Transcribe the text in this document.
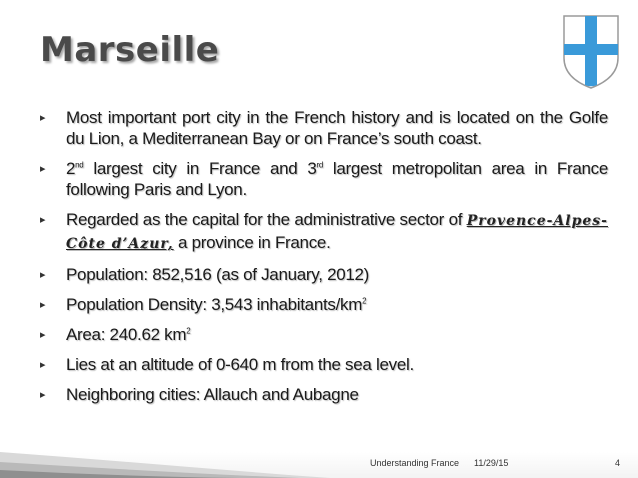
Marseille
▸ Most important port city in the French history and is located on the Golfe du Lion, a Mediterranean Bay or on France’s south coast.
▸ 2nd largest city in France and 3rd largest metropolitan area in France following Paris and Lyon.
▸ Regarded as the capital for the administrative sector of Provence-Alpes-Côte d’Azur, a province in France.
▸ Population: 852,516 (as of January, 2012)
▸ Population Density: 3,543 inhabitants/$km^2$
▸ Area: 240.62 $km^2$
▸ Lies at an altitude of 0-640 m from the sea level.
▸ Neighboring cities: Allauch and Aubagne
Understanding France 11/29/15	4
